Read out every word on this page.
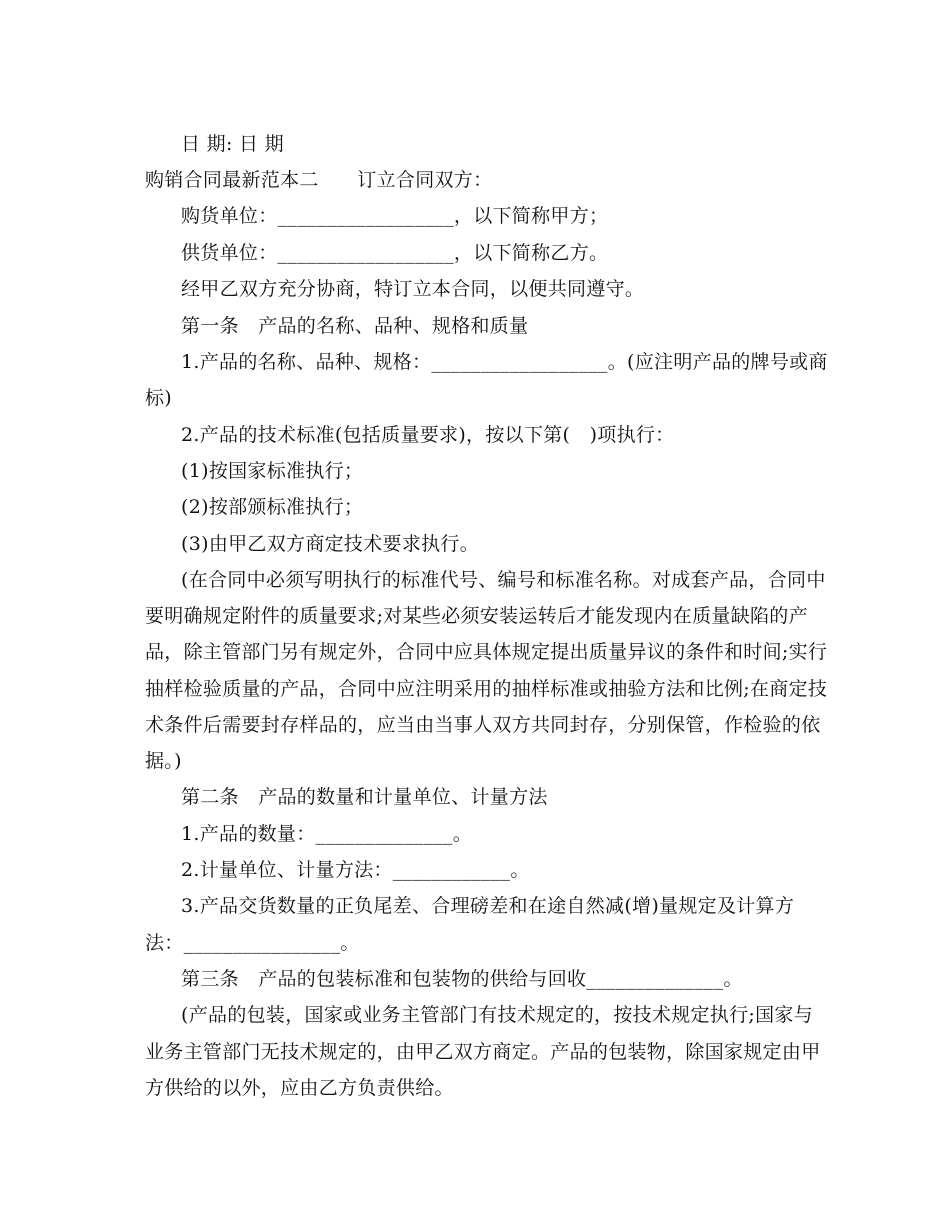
日 期: 日 期
购销合同最新范本二　　订立合同双方：
购货单位：__________________，以下简称甲方；
供货单位：__________________，以下简称乙方。
经甲乙双方充分协商，特订立本合同，以便共同遵守。
第一条　产品的名称、品种、规格和质量
1.产品的名称、品种、规格：__________________。(应注明产品的牌号或商
标)
2.产品的技术标准(包括质量要求)，按以下第(　)项执行：
(1)按国家标准执行；
(2)按部颁标准执行；
(3)由甲乙双方商定技术要求执行。
(在合同中必须写明执行的标准代号、编号和标准名称。对成套产品，合同中
要明确规定附件的质量要求;对某些必须安装运转后才能发现内在质量缺陷的产
品，除主管部门另有规定外，合同中应具体规定提出质量异议的条件和时间;实行
抽样检验质量的产品，合同中应注明采用的抽样标准或抽验方法和比例;在商定技
术条件后需要封存样品的，应当由当事人双方共同封存，分别保管，作检验的依
据。)
第二条　产品的数量和计量单位、计量方法
1.产品的数量：______________。
2.计量单位、计量方法：____________。
3.产品交货数量的正负尾差、合理磅差和在途自然减(增)量规定及计算方
法：________________。
第三条　产品的包装标准和包装物的供给与回收______________。
(产品的包装，国家或业务主管部门有技术规定的，按技术规定执行;国家与
业务主管部门无技术规定的，由甲乙双方商定。产品的包装物，除国家规定由甲
方供给的以外，应由乙方负责供给。
